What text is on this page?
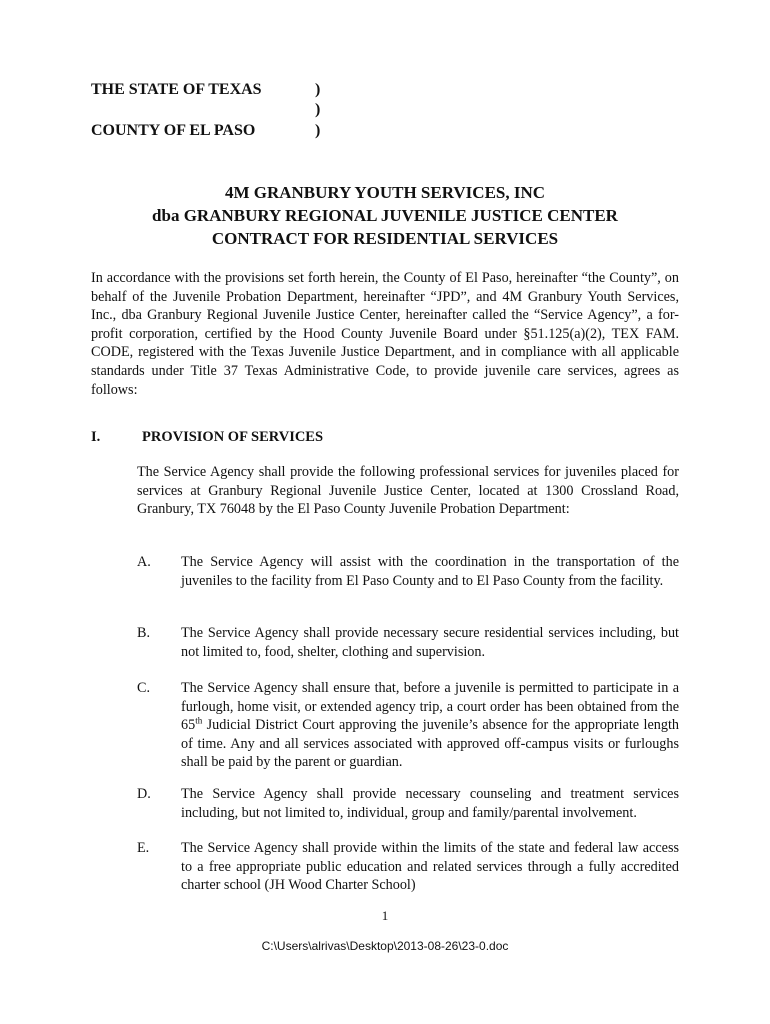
THE STATE OF TEXAS	)
)
COUNTY OF EL PASO	)
4M GRANBURY YOUTH SERVICES, INC
dba GRANBURY REGIONAL JUVENILE JUSTICE CENTER
CONTRACT FOR RESIDENTIAL SERVICES
In accordance with the provisions set forth herein, the County of El Paso, hereinafter “the County”, on behalf of the Juvenile Probation Department, hereinafter “JPD”, and 4M Granbury Youth Services, Inc., dba Granbury Regional Juvenile Justice Center, hereinafter called the “Service Agency”, a for-profit corporation, certified by the Hood County Juvenile Board under §51.125(a)(2), TEX FAM. CODE, registered with the Texas Juvenile Justice Department, and in compliance with all applicable standards under Title 37 Texas Administrative Code, to provide juvenile care services, agrees as follows:
I.	PROVISION OF SERVICES
The Service Agency shall provide the following professional services for juveniles placed for services at Granbury Regional Juvenile Justice Center, located at 1300 Crossland Road, Granbury, TX 76048 by the El Paso County Juvenile Probation Department:
A. The Service Agency will assist with the coordination in the transportation of the juveniles to the facility from El Paso County and to El Paso County from the facility.
B. The Service Agency shall provide necessary secure residential services including, but not limited to, food, shelter, clothing and supervision.
C. The Service Agency shall ensure that, before a juvenile is permitted to participate in a furlough, home visit, or extended agency trip, a court order has been obtained from the 65th Judicial District Court approving the juvenile’s absence for the appropriate length of time. Any and all services associated with approved off-campus visits or furloughs shall be paid by the parent or guardian.
D. The Service Agency shall provide necessary counseling and treatment services including, but not limited to, individual, group and family/parental involvement.
E. The Service Agency shall provide within the limits of the state and federal law access to a free appropriate public education and related services through a fully accredited charter school (JH Wood Charter School)
1
C:\Users\alrivas\Desktop\2013-08-26\23-0.doc
